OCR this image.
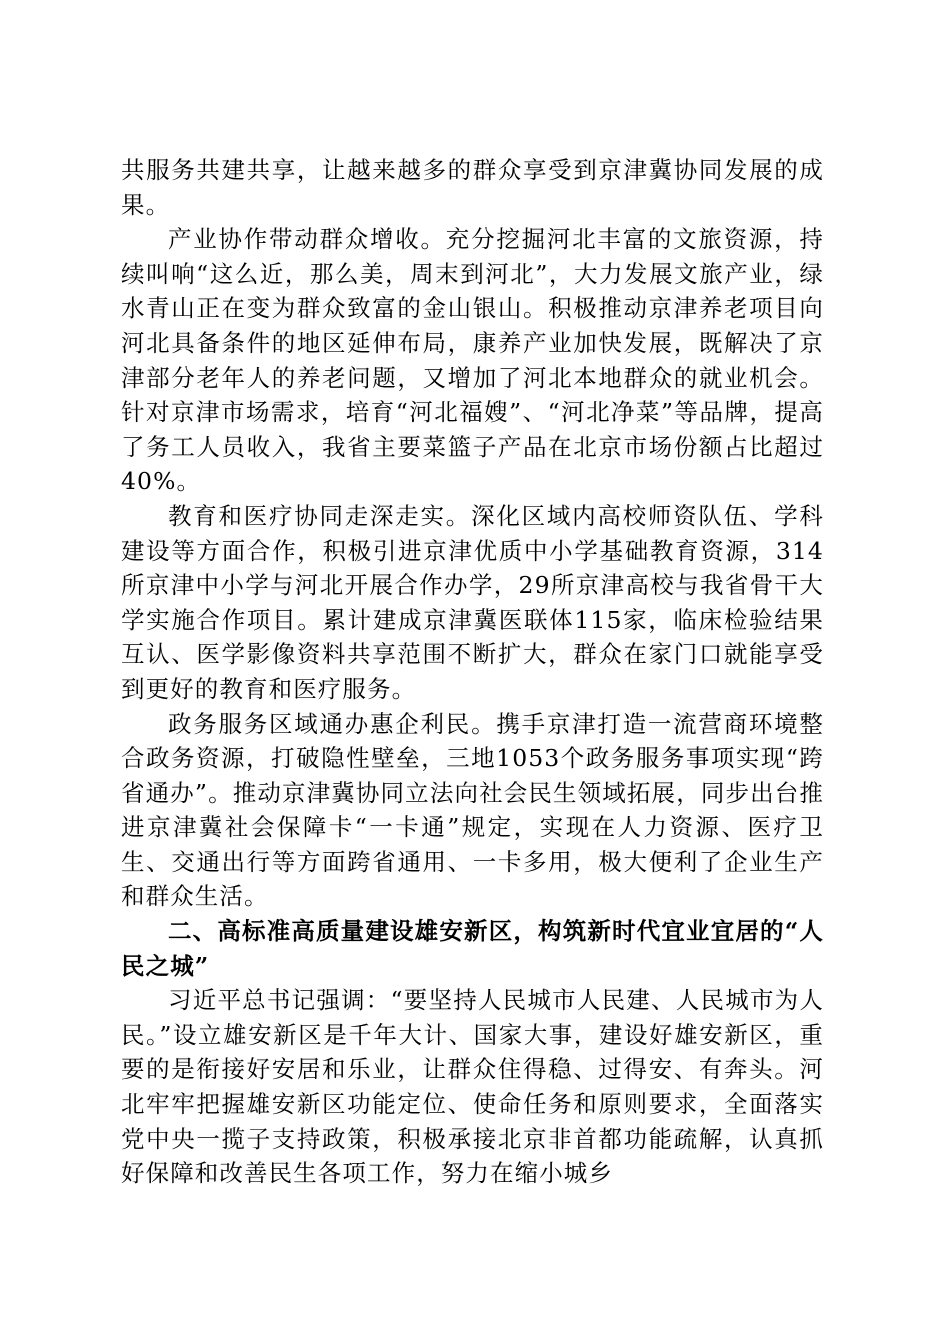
共服务共建共享，让越来越多的群众享受到京津冀协同发展的成果。

产业协作带动群众增收。充分挖掘河北丰富的文旅资源，持续叫响“这么近，那么美，周末到河北”，大力发展文旅产业，绿水青山正在变为群众致富的金山银山。积极推动京津养老项目向河北具备条件的地区延伸布局，康养产业加快发展，既解决了京津部分老年人的养老问题，又增加了河北本地群众的就业机会。针对京津市场需求，培育“河北福嫂”、“河北净菜”等品牌，提高了务工人员收入，我省主要菜篮子产品在北京市场份额占比超过40%。

教育和医疗协同走深走实。深化区域内高校师资队伍、学科建设等方面合作，积极引进京津优质中小学基础教育资源，314所京津中小学与河北开展合作办学，29所京津高校与我省骨干大学实施合作项目。累计建成京津冀医联体115家，临床检验结果互认、医学影像资料共享范围不断扩大，群众在家门口就能享受到更好的教育和医疗服务。

政务服务区域通办惠企利民。携手京津打造一流营商环境整合政务资源，打破隐性壁垒，三地1053个政务服务事项实现“跨省通办”。推动京津冀协同立法向社会民生领域拓展，同步出台推进京津冀社会保障卡“一卡通”规定，实现在人力资源、医疗卫生、交通出行等方面跨省通用、一卡多用，极大便利了企业生产和群众生活。

二、高标准高质量建设雄安新区，构筑新时代宜业宜居的“人民之城”

习近平总书记强调：“要坚持人民城市人民建、人民城市为人民。”设立雄安新区是千年大计、国家大事，建设好雄安新区，重要的是衔接好安居和乐业，让群众住得稳、过得安、有奔头。河北牢牢把握雄安新区功能定位、使命任务和原则要求，全面落实党中央一揽子支持政策，积极承接北京非首都功能疏解，认真抓好保障和改善民生各项工作，努力在缩小城乡
